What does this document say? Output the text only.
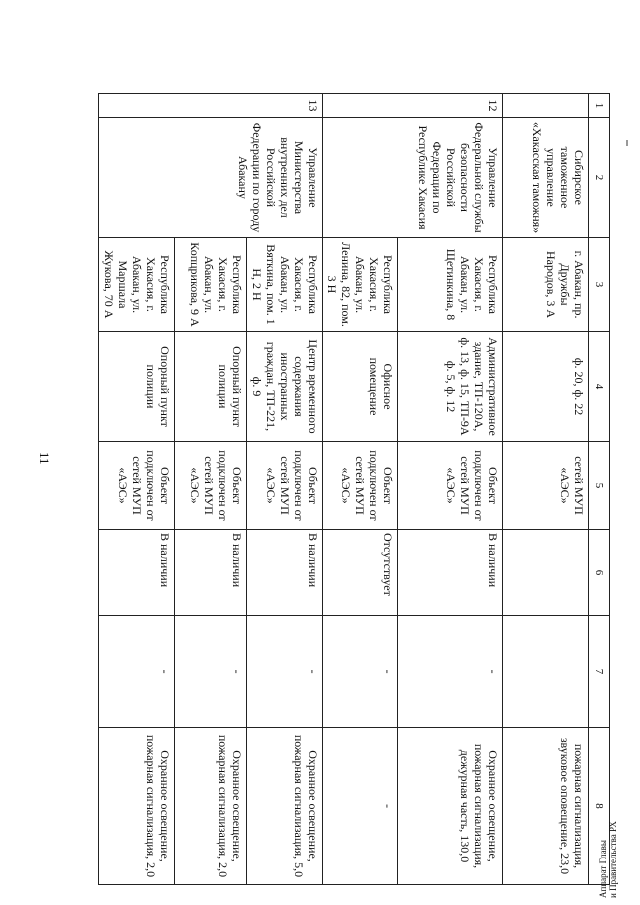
11
1	2	3	4	5	6	7	8
	Сибирское таможенное управление «Хакасская таможня»	г. Абакан, пр. Дружбы Народов, 3 А	ф. 20, ф. 22	сетей МУП «АЭС»			пожарная сигнализация, звуковое оповещение, 23,0
12	Управление Федеральной службы безопасности Российской Федерации по Республике Хакасия	Республика Хакасия, г. Абакан, ул. Щетинкина, 8	Административное здание, ТП-120А, ф. 13, ф. 15, ТП-9А ф. 5, ф. 12	Объект подключен от сетей МУП «АЭС»	В наличии	-	Охранное освещение, пожарная сигнализация, дежурная часть, 130,0
		Республика Хакасия, г. Абакан, ул. Ленина, 82, пом. 3 Н	Офисное помещение	Объект подключен от сетей МУП «АЭС»	Отсутствует	-	-
13	Управление Министерства внутренних дел Российской Федерации по городу Абакану	Республика Хакасия, г. Абакан, ул. Вяткина, пом. 1 Н, 2 Н	Центр временного содержания иностранных граждан, ТП-221, ф. 9	Объект подключен от сетей МУП «АЭС»	В наличии	-	Охранное освещение, пожарная сигнализация, 5,0
		Республика Хакасия, г. Абакан, ул. Копцрикова, 9 А	Опорный пункт полиции	Объект подключен от сетей МУП «АЭС»	В наличии	-	Охранное освещение, пожарная сигнализация, 2,0
		Республика Хакасия, г. Абакан, ул. Маршала Жукова, 70 А	Опорный пункт полиции	Объект подключен от сетей МУП «АЭС»	В наличии	-	Охранное освещение, пожарная сигнализация, 2,0	Аппарат Главы и Правительства РХ
